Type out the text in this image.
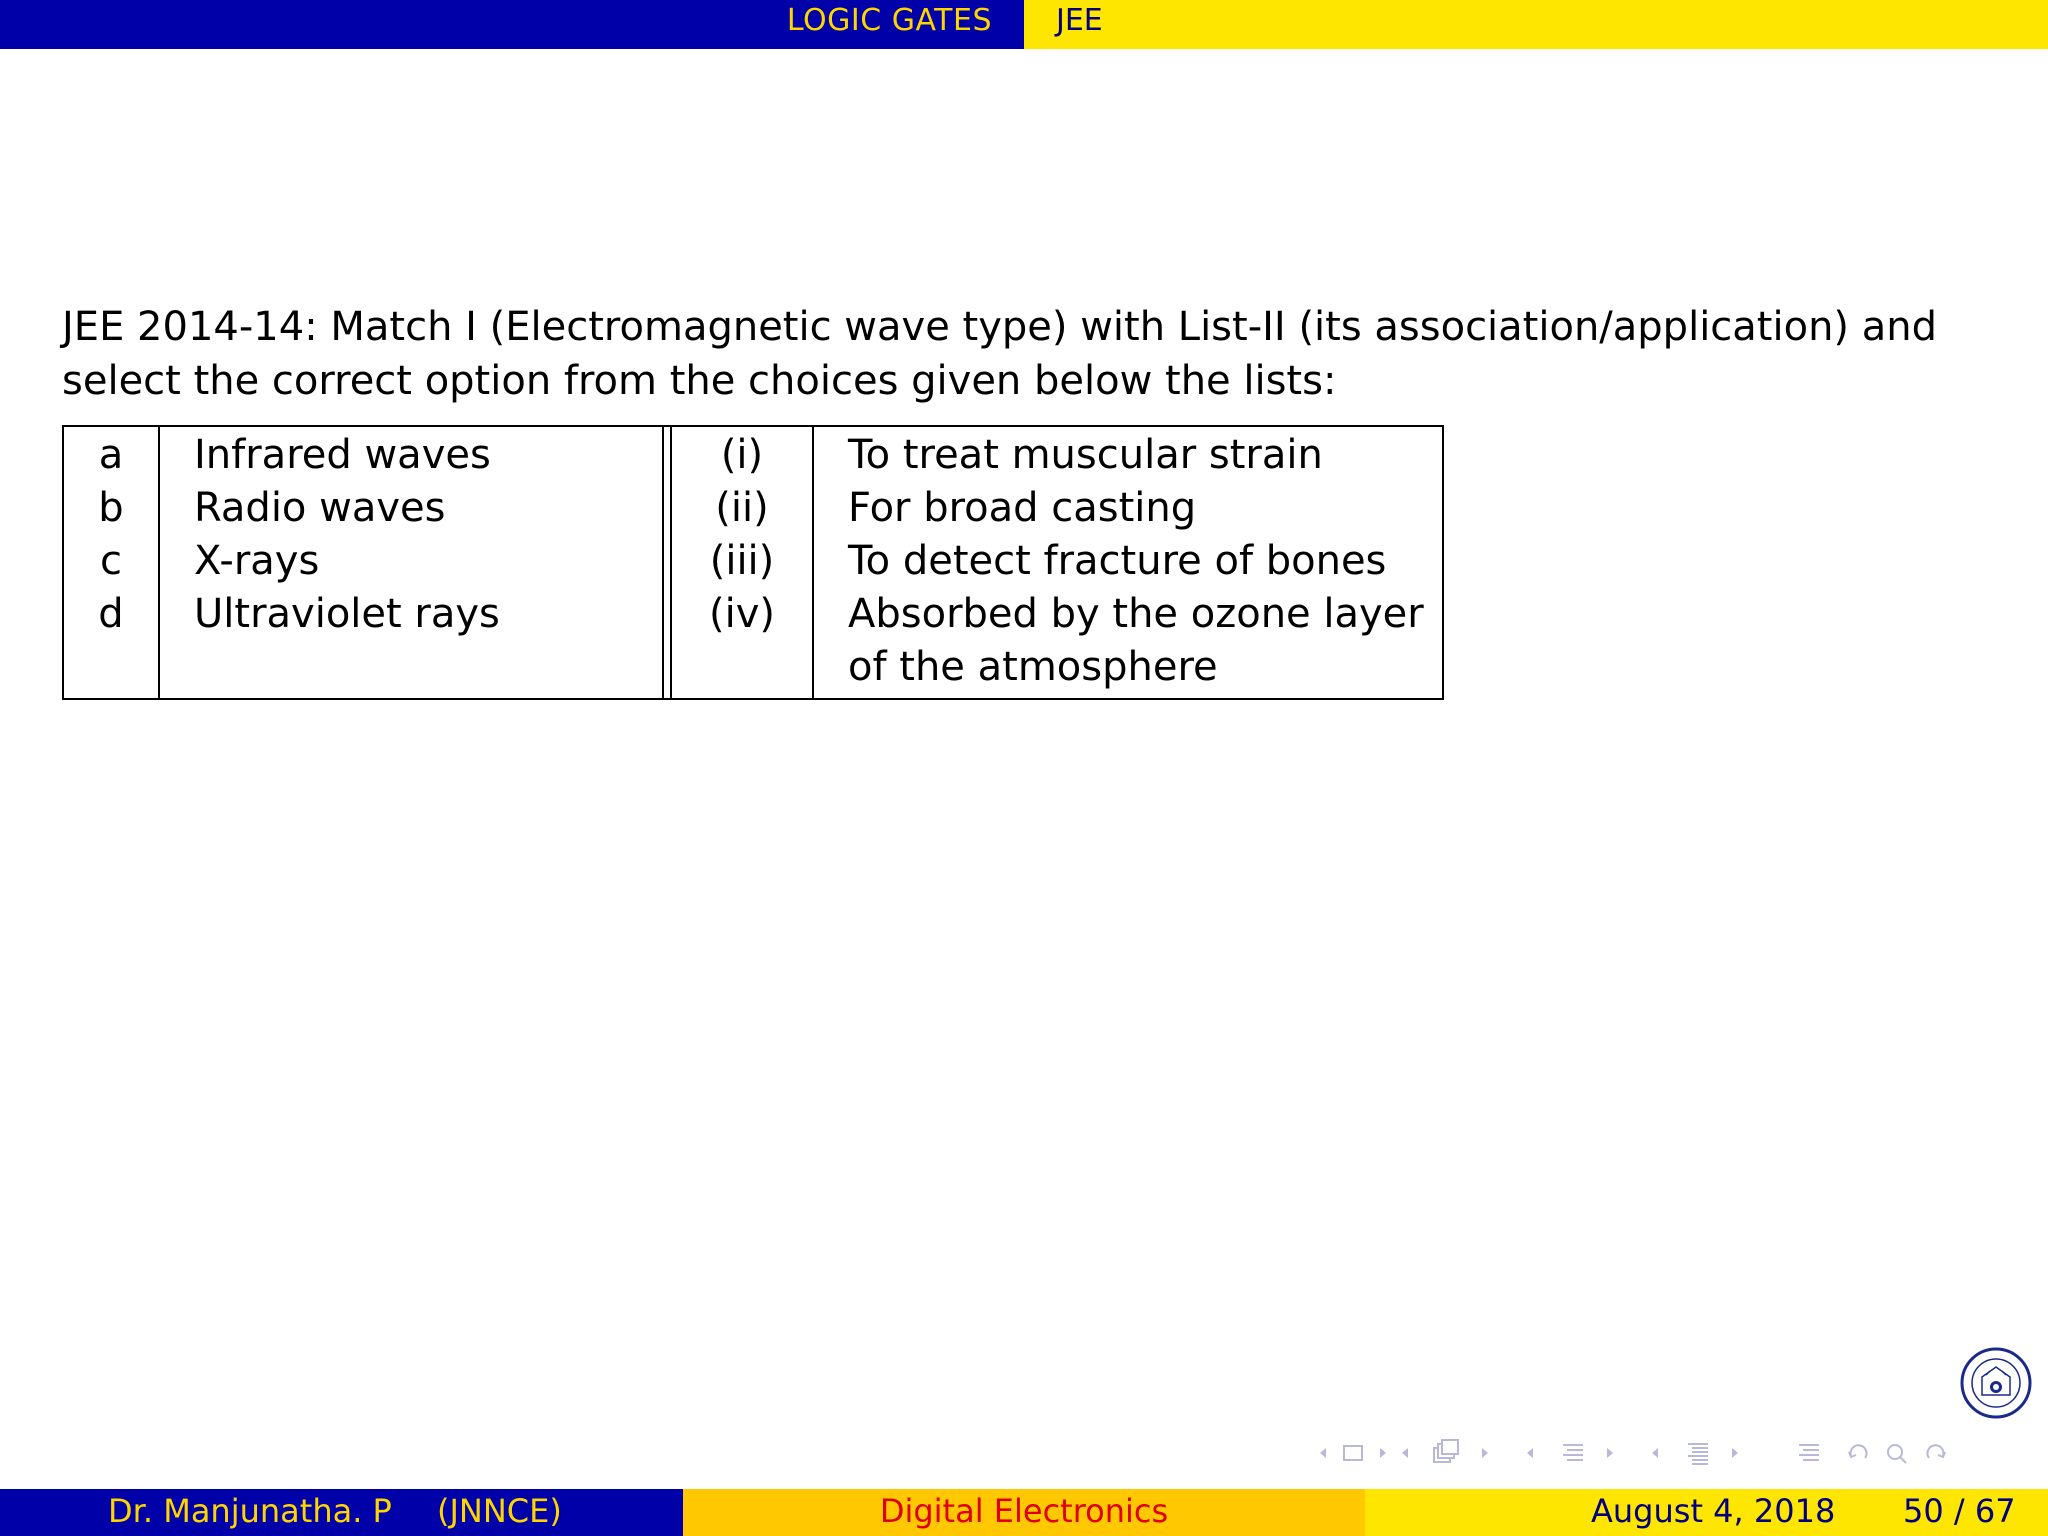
LOGIC GATES JEE
JEE 2014-14: Match I (Electromagnetic wave type) with List-II (its association/application) and select the correct option from the choices given below the lists:
a	Infrared waves		(i)	To treat muscular strain
b	Radio waves		(ii)	For broad casting
c	X-rays		(iii)	To detect fracture of bones
d	Ultraviolet rays		(iv)	Absorbed by the ozone layer
				of the atmosphere
Dr. Manjunatha. P (JNNCE)	Digital Electronics	August 4, 2018 50 / 67
